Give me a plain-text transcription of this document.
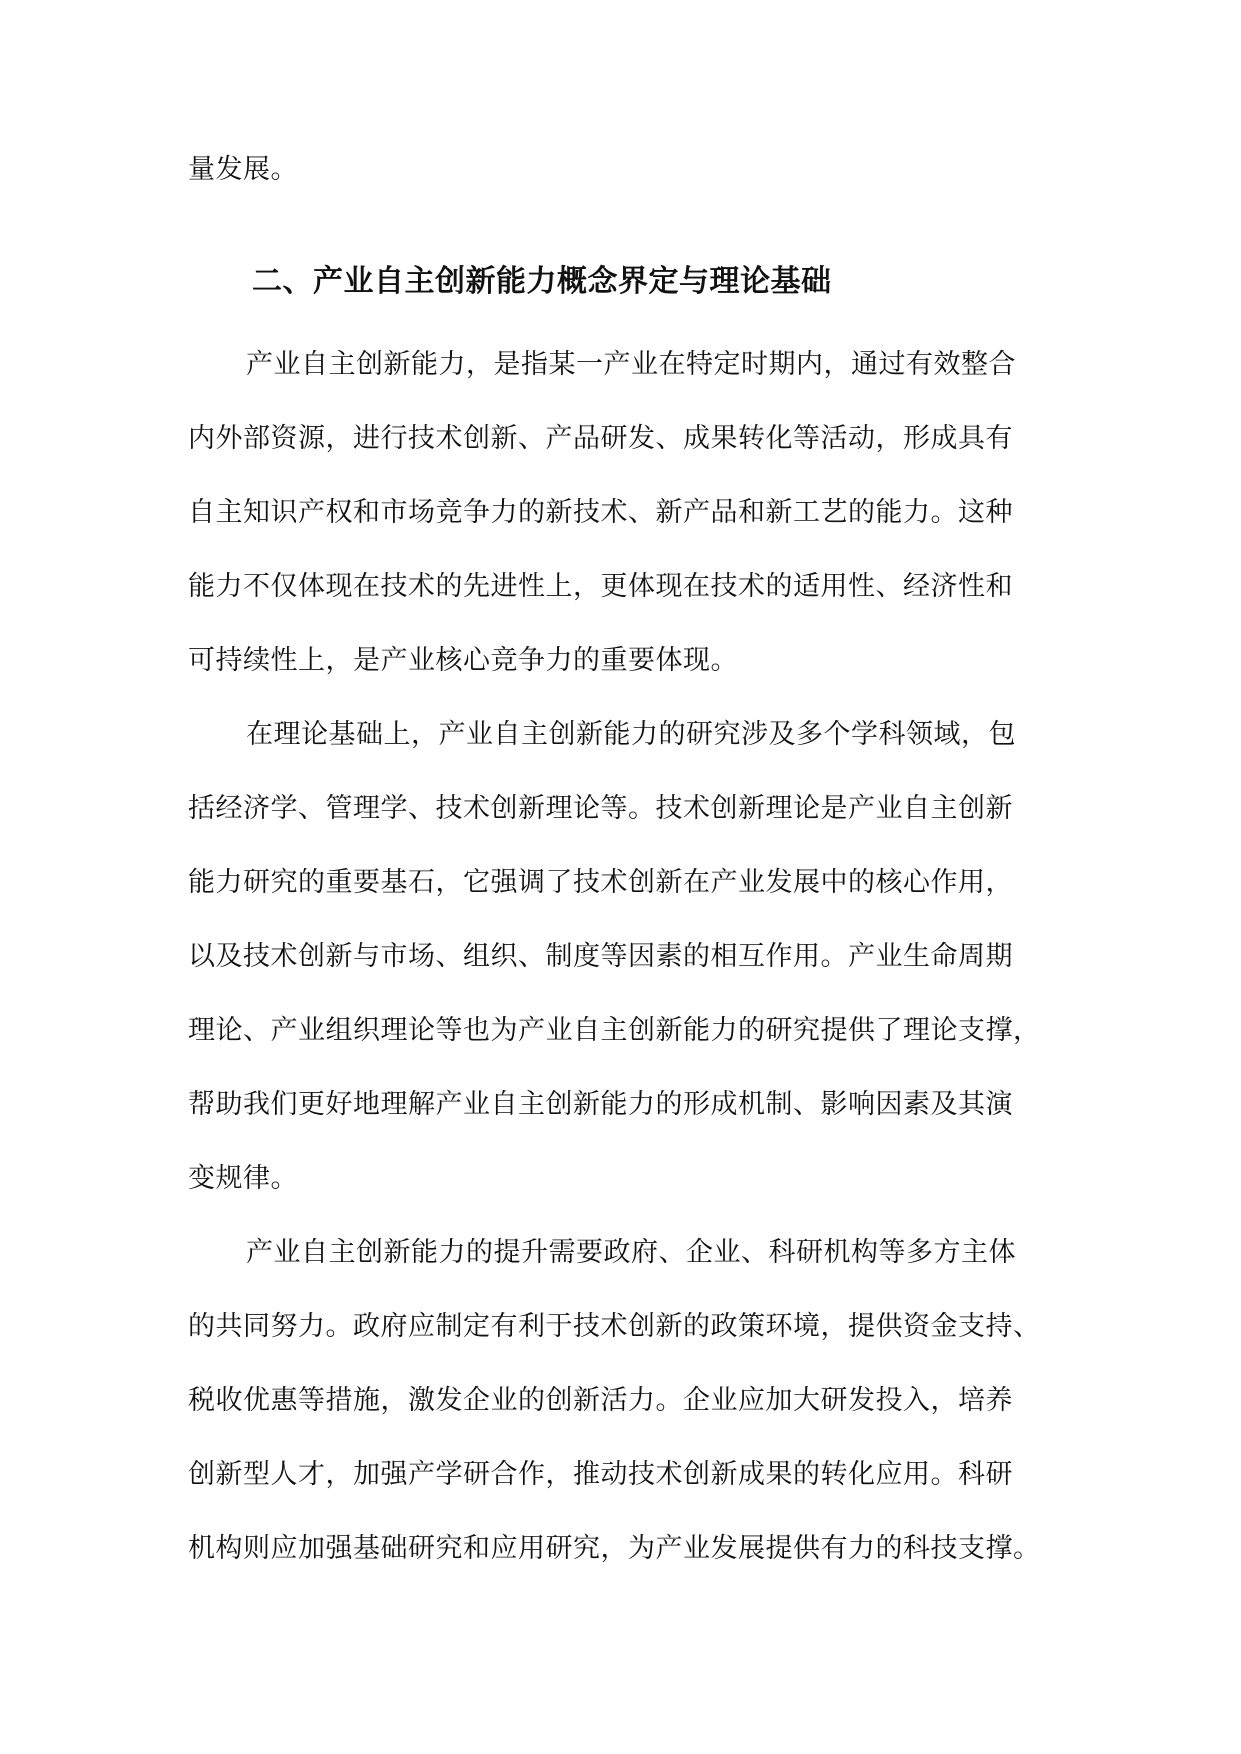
量发展。
二、产业自主创新能力概念界定与理论基础
产业自主创新能力，是指某一产业在特定时期内，通过有效整合
内外部资源，进行技术创新、产品研发、成果转化等活动，形成具有
自主知识产权和市场竞争力的新技术、新产品和新工艺的能力。这种
能力不仅体现在技术的先进性上，更体现在技术的适用性、经济性和
可持续性上，是产业核心竞争力的重要体现。
在理论基础上，产业自主创新能力的研究涉及多个学科领域，包
括经济学、管理学、技术创新理论等。技术创新理论是产业自主创新
能力研究的重要基石，它强调了技术创新在产业发展中的核心作用，
以及技术创新与市场、组织、制度等因素的相互作用。产业生命周期
理论、产业组织理论等也为产业自主创新能力的研究提供了理论支撑，
帮助我们更好地理解产业自主创新能力的形成机制、影响因素及其演
变规律。
产业自主创新能力的提升需要政府、企业、科研机构等多方主体
的共同努力。政府应制定有利于技术创新的政策环境，提供资金支持、
税收优惠等措施，激发企业的创新活力。企业应加大研发投入，培养
创新型人才，加强产学研合作，推动技术创新成果的转化应用。科研
机构则应加强基础研究和应用研究，为产业发展提供有力的科技支撑。
